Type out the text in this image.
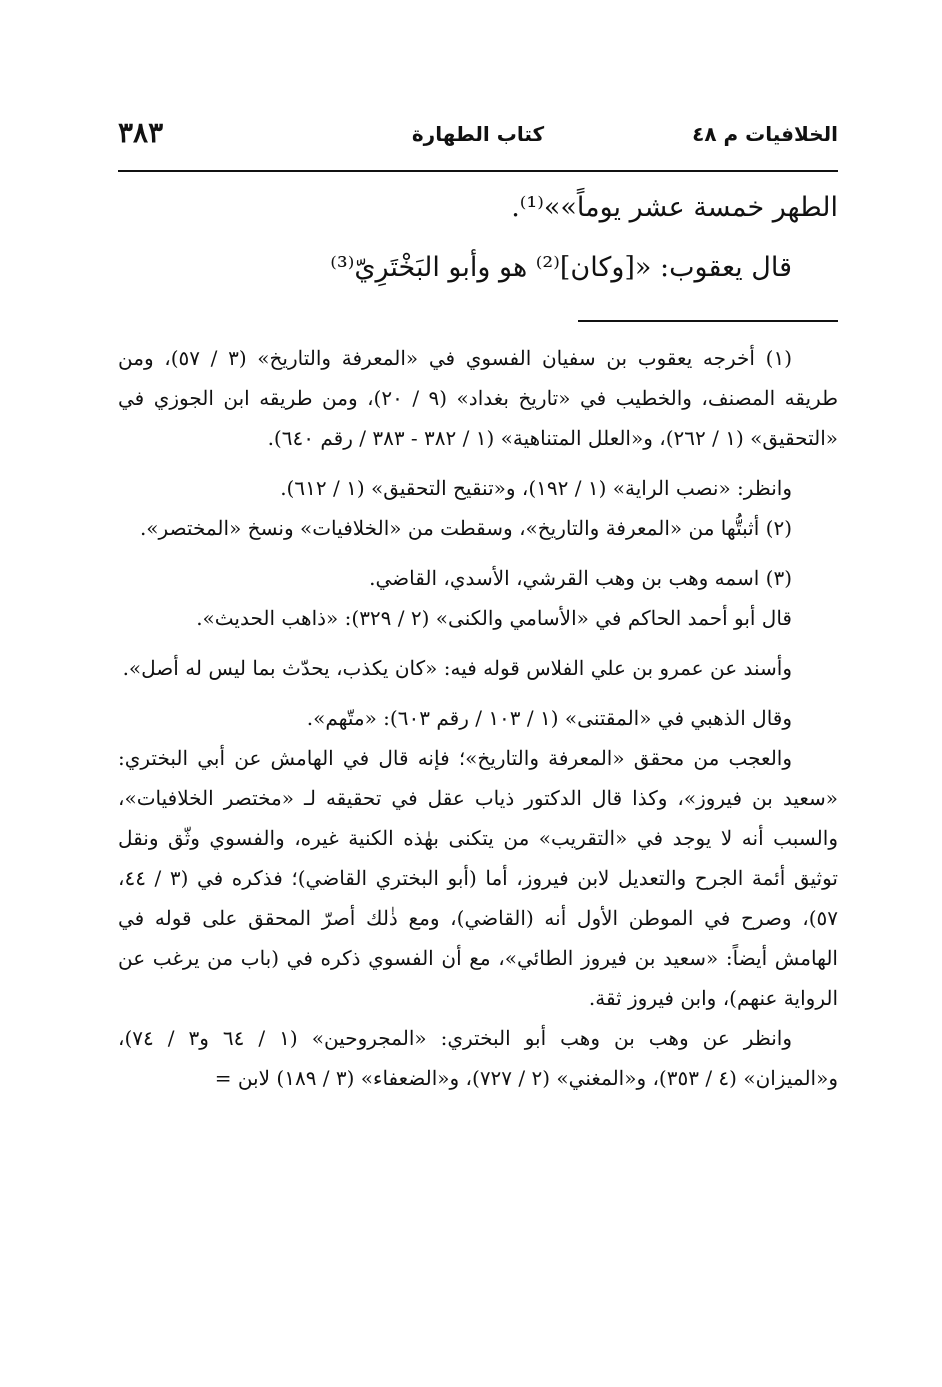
الخلافيات م ٤٨
كتاب الطهارة
٣٨٣

الطهر خمسة عشر يوماً»»⁽¹⁾.

قال يعقوب: «[وكان]⁽²⁾ هو وأبو البَخْتَرِيّ⁽³⁾

(١) أخرجه يعقوب بن سفيان الفسوي في «المعرفة والتاريخ» (٣ / ٥٧)، ومن طريقه المصنف، والخطيب في «تاريخ بغداد» (٩ / ٢٠)، ومن طريقه ابن الجوزي في «التحقيق» (١ / ٢٦٢)، و«العلل المتناهية» (١ / ٣٨٢ - ٣٨٣ / رقم ٦٤٠).

وانظر: «نصب الراية» (١ / ١٩٢)، و«تنقيح التحقيق» (١ / ٦١٢).

(٢) أثبتُّها من «المعرفة والتاريخ»، وسقطت من «الخلافيات» ونسخ «المختصر».

(٣) اسمه وهب بن وهب القرشي، الأسدي، القاضي.

قال أبو أحمد الحاكم في «الأسامي والكنى» (٢ / ٣٢٩): «ذاهب الحديث».

وأسند عن عمرو بن علي الفلاس قوله فيه: «كان يكذب، يحدّث بما ليس له أصل».

وقال الذهبي في «المقتنى» (١ / ١٠٣ / رقم ٦٠٣): «متّهم».

والعجب من محقق «المعرفة والتاريخ»؛ فإنه قال في الهامش عن أبي البختري: «سعيد بن فيروز»، وكذا قال الدكتور ذياب عقل في تحقيقه لـ «مختصر الخلافيات»، والسبب أنه لا يوجد في «التقريب» من يتكنى بهٰذه الكنية غيره، والفسوي وثّق ونقل توثيق أئمة الجرح والتعديل لابن فيروز، أما (أبو البختري القاضي)؛ فذكره في (٣ / ٤٤، ٥٧)، وصرح في الموطن الأول أنه (القاضي)، ومع ذٰلك أصرّ المحقق على قوله في الهامش أيضاً: «سعيد بن فيروز الطائي»، مع أن الفسوي ذكره في (باب من يرغب عن الرواية عنهم)، وابن فيروز ثقة.

وانظر عن وهب بن وهب أبو البختري: «المجروحين» (١ / ٦٤ و٣ / ٧٤)، و«الميزان» (٤ / ٣٥٣)، و«المغني» (٢ / ٧٢٧)، و«الضعفاء» (٣ / ١٨٩) لابن =
